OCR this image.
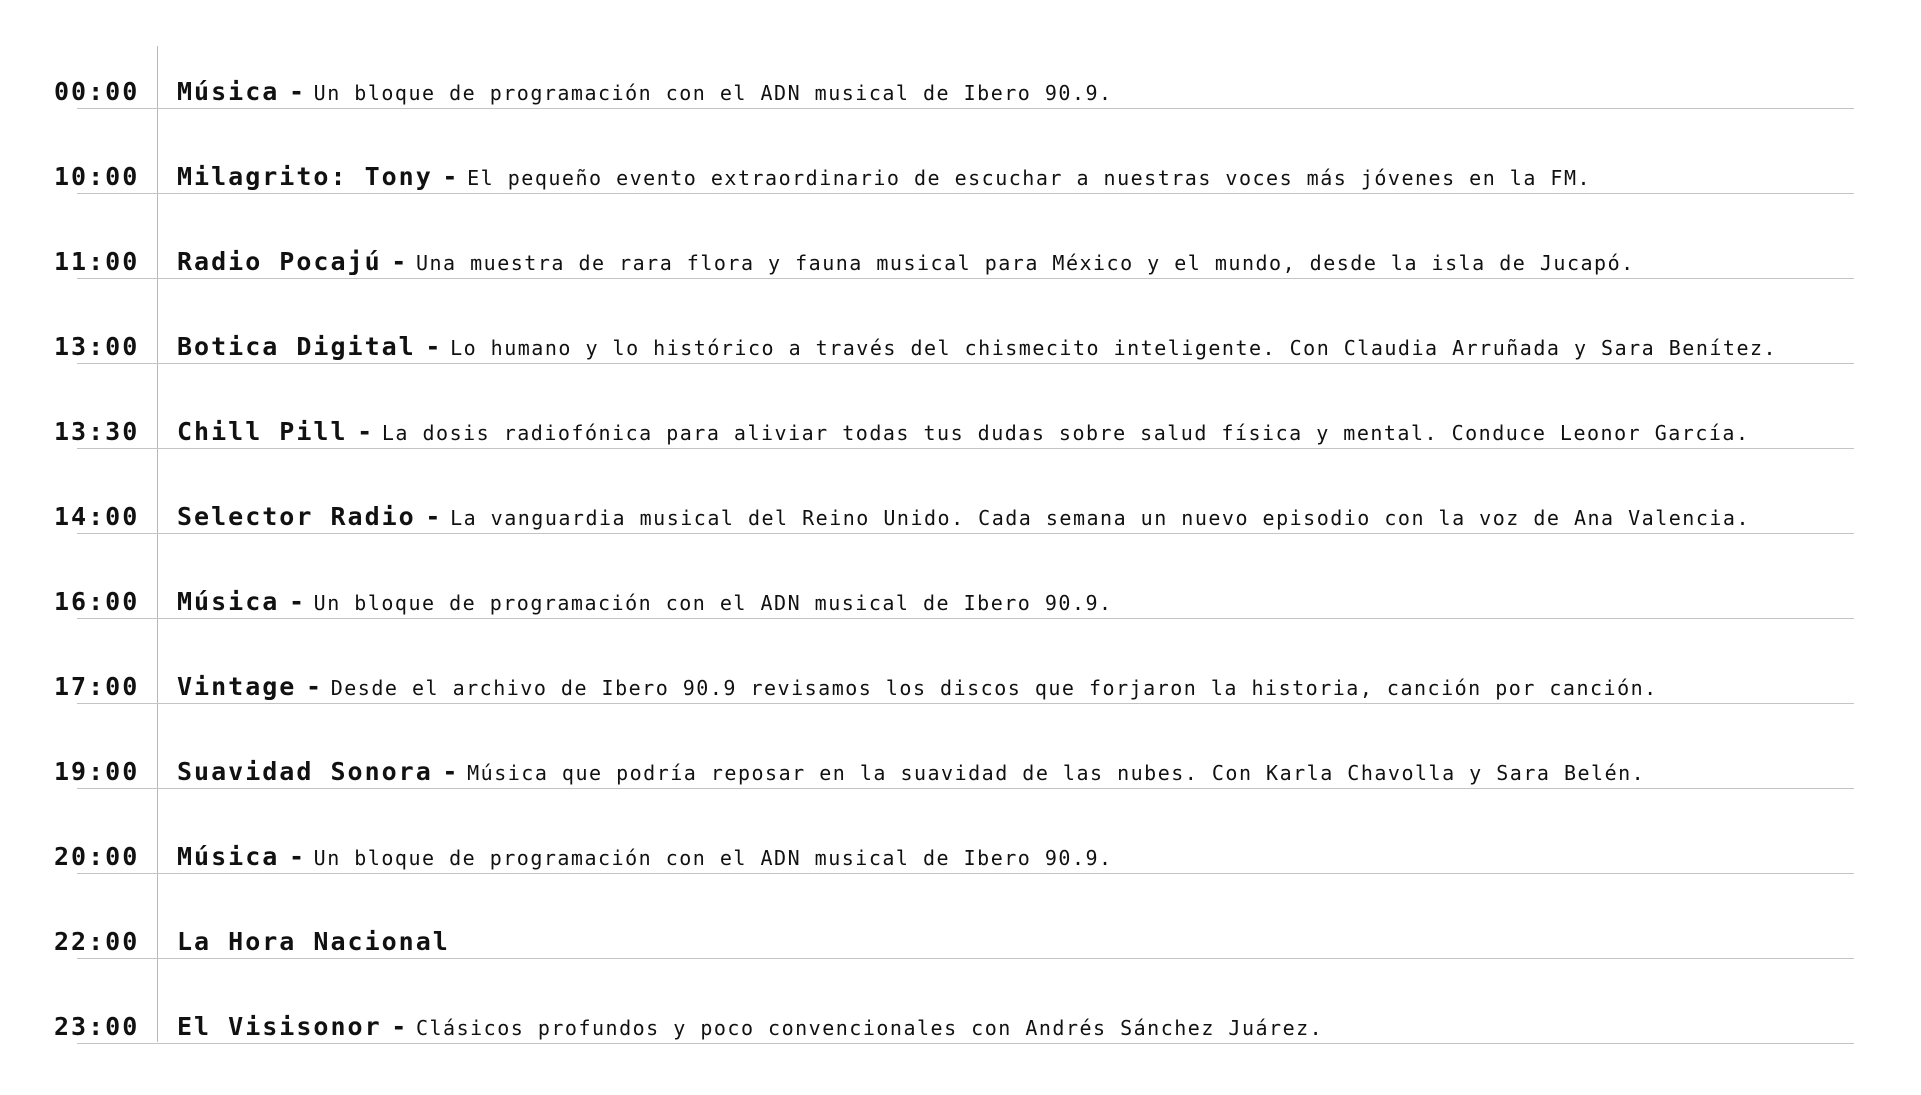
00:00 Música - Un bloque de programación con el ADN musical de Ibero 90.9.
10:00 Milagrito: Tony - El pequeño evento extraordinario de escuchar a nuestras voces más jóvenes en la FM.
11:00 Radio Pocajú - Una muestra de rara flora y fauna musical para México y el mundo, desde la isla de Jucapó.
13:00 Botica Digital - Lo humano y lo histórico a través del chismecito inteligente. Con Claudia Arruñada y Sara Benítez.
13:30 Chill Pill - La dosis radiofónica para aliviar todas tus dudas sobre salud física y mental. Conduce Leonor García.
14:00 Selector Radio - La vanguardia musical del Reino Unido. Cada semana un nuevo episodio con la voz de Ana Valencia.
16:00 Música - Un bloque de programación con el ADN musical de Ibero 90.9.
17:00 Vintage - Desde el archivo de Ibero 90.9 revisamos los discos que forjaron la historia, canción por canción.
19:00 Suavidad Sonora - Música que podría reposar en la suavidad de las nubes. Con Karla Chavolla y Sara Belén.
20:00 Música - Un bloque de programación con el ADN musical de Ibero 90.9.
22:00 La Hora Nacional
23:00 El Visisonor - Clásicos profundos y poco convencionales con Andrés Sánchez Juárez.
